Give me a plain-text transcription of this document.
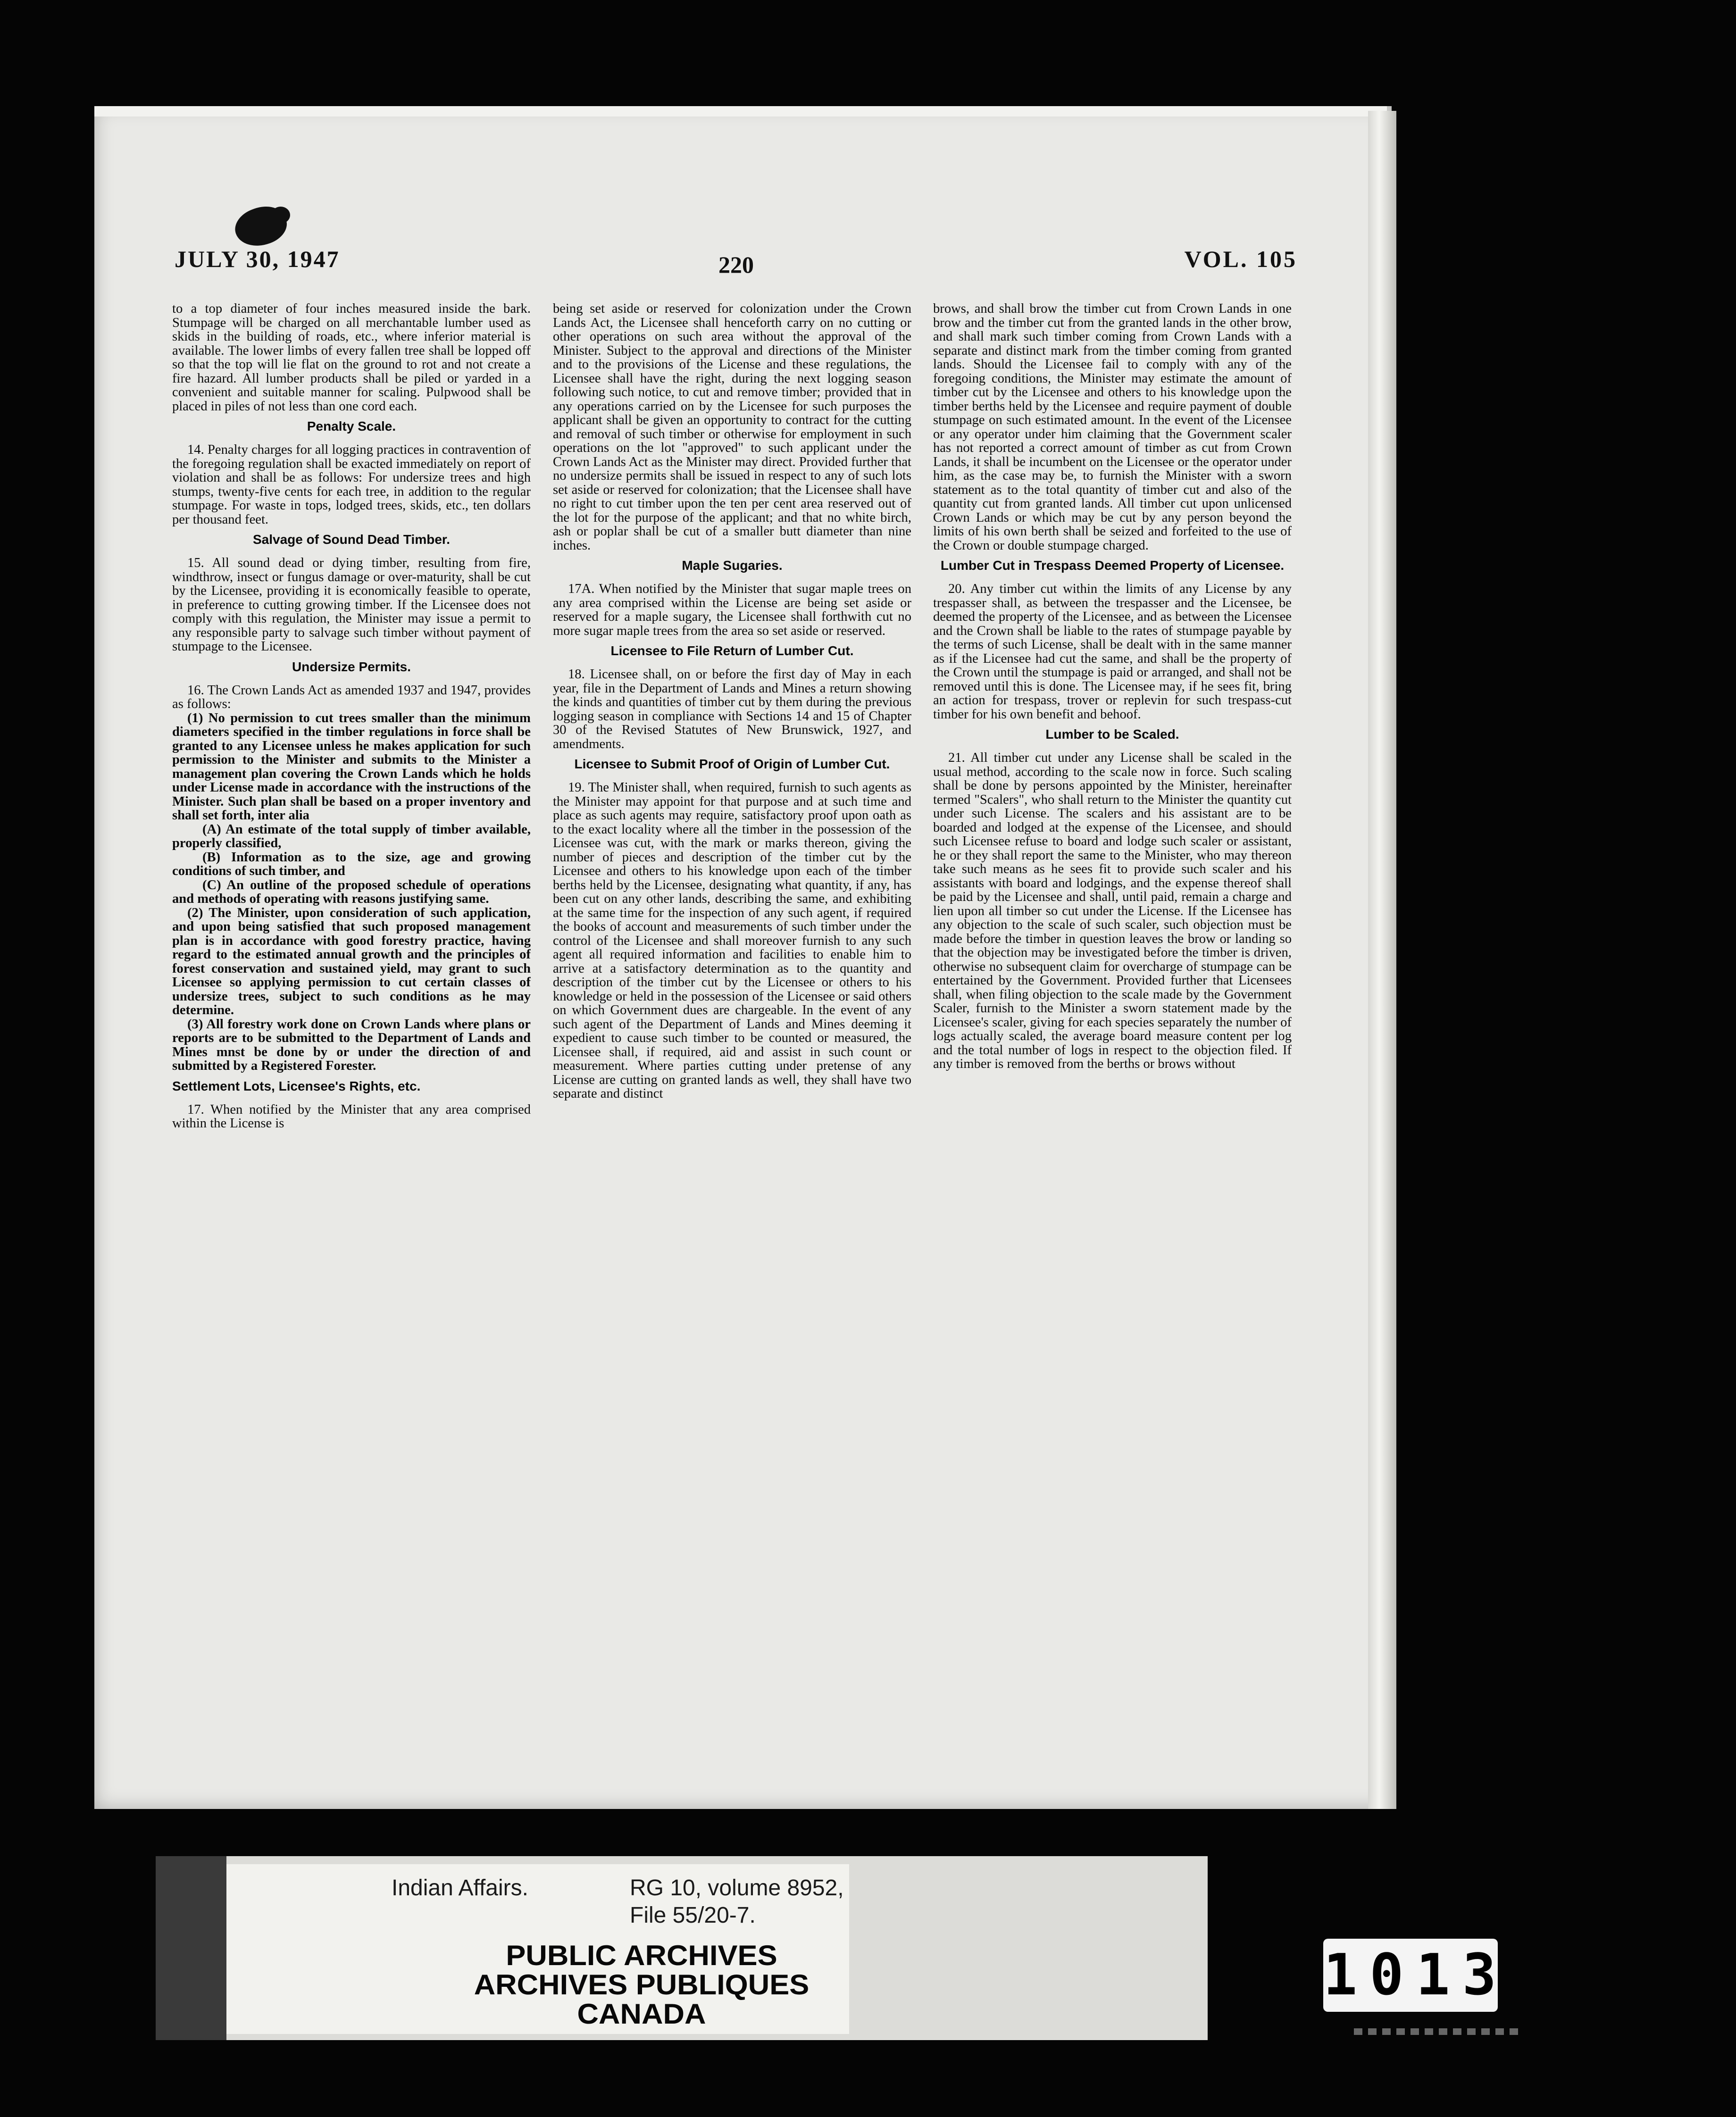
JULY 30, 1947	220	VOL. 105

to a top diameter of four inches measured inside the bark. Stumpage will be charged on all merchantable lumber used as skids in the building of roads, etc., where inferior material is available. The lower limbs of every fallen tree shall be lopped off so that the top will lie flat on the ground to rot and not create a fire hazard. All lumber products shall be piled or yarded in a convenient and suitable manner for scaling. Pulpwood shall be placed in piles of not less than one cord each.

Penalty Scale.

14. Penalty charges for all logging practices in contravention of the foregoing regulation shall be exacted immediately on report of violation and shall be as follows: For undersize trees and high stumps, twenty-five cents for each tree, in addition to the regular stumpage. For waste in tops, lodged trees, skids, etc., ten dollars per thousand feet.

Salvage of Sound Dead Timber.

15. All sound dead or dying timber, resulting from fire, windthrow, insect or fungus damage or over-maturity, shall be cut by the Licensee, providing it is economically feasible to operate, in preference to cutting growing timber. If the Licensee does not comply with this regulation, the Minister may issue a permit to any responsible party to salvage such timber without payment of stumpage to the Licensee.

Undersize Permits.

16. The Crown Lands Act as amended 1937 and 1947, provides as follows:

(1) No permission to cut trees smaller than the minimum diameters specified in the timber regulations in force shall be granted to any Licensee unless he makes application for such permission to the Minister and submits to the Minister a management plan covering the Crown Lands which he holds under License made in accordance with the instructions of the Minister. Such plan shall be based on a proper inventory and shall set forth, inter alia

(A) An estimate of the total supply of timber available, properly classified,

(B) Information as to the size, age and growing conditions of such timber, and

(C) An outline of the proposed schedule of operations and methods of operating with reasons justifying same.

(2) The Minister, upon consideration of such application, and upon being satisfied that such proposed management plan is in accordance with good forestry practice, having regard to the estimated annual growth and the principles of forest conservation and sustained yield, may grant to such Licensee so applying permission to cut certain classes of undersize trees, subject to such conditions as he may determine.

(3) All forestry work done on Crown Lands where plans or reports are to be submitted to the Department of Lands and Mines mnst be done by or under the direction of and submitted by a Registered Forester.

Settlement Lots, Licensee's Rights, etc.

17. When notified by the Minister that any area comprised within the License is

being set aside or reserved for colonization under the Crown Lands Act, the Licensee shall henceforth carry on no cutting or other operations on such area without the approval of the Minister. Subject to the approval and directions of the Minister and to the provisions of the License and these regulations, the Licensee shall have the right, during the next logging season following such notice, to cut and remove timber; provided that in any operations carried on by the Licensee for such purposes the applicant shall be given an opportunity to contract for the cutting and removal of such timber or otherwise for employment in such operations on the lot "approved" to such applicant under the Crown Lands Act as the Minister may direct. Provided further that no undersize permits shall be issued in respect to any of such lots set aside or reserved for colonization; that the Licensee shall have no right to cut timber upon the ten per cent area reserved out of the lot for the purpose of the applicant; and that no white birch, ash or poplar shall be cut of a smaller butt diameter than nine inches.

Maple Sugaries.

17A. When notified by the Minister that sugar maple trees on any area comprised within the License are being set aside or reserved for a maple sugary, the Licensee shall forthwith cut no more sugar maple trees from the area so set aside or reserved.

Licensee to File Return of Lumber Cut.

18. Licensee shall, on or before the first day of May in each year, file in the Department of Lands and Mines a return showing the kinds and quantities of timber cut by them during the previous logging season in compliance with Sections 14 and 15 of Chapter 30 of the Revised Statutes of New Brunswick, 1927, and amendments.

Licensee to Submit Proof of Origin of Lumber Cut.

19. The Minister shall, when required, furnish to such agents as the Minister may appoint for that purpose and at such time and place as such agents may require, satisfactory proof upon oath as to the exact locality where all the timber in the possession of the Licensee was cut, with the mark or marks thereon, giving the number of pieces and description of the timber cut by the Licensee and others to his knowledge upon each of the timber berths held by the Licensee, designating what quantity, if any, has been cut on any other lands, describing the same, and exhibiting at the same time for the inspection of any such agent, if required the books of account and measurements of such timber under the control of the Licensee and shall moreover furnish to any such agent all required information and facilities to enable him to arrive at a satisfactory determination as to the quantity and description of the timber cut by the Licensee or others to his knowledge or held in the possession of the Licensee or said others on which Government dues are chargeable. In the event of any such agent of the Department of Lands and Mines deeming it expedient to cause such timber to be counted or measured, the Licensee shall, if required, aid and assist in such count or measurement. Where parties cutting under pretense of any License are cutting on granted lands as well, they shall have two separate and distinct

brows, and shall brow the timber cut from Crown Lands in one brow and the timber cut from the granted lands in the other brow, and shall mark such timber coming from Crown Lands with a separate and distinct mark from the timber coming from granted lands. Should the Licensee fail to comply with any of the foregoing conditions, the Minister may estimate the amount of timber cut by the Licensee and others to his knowledge upon the timber berths held by the Licensee and require payment of double stumpage on such estimated amount. In the event of the Licensee or any operator under him claiming that the Government scaler has not reported a correct amount of timber as cut from Crown Lands, it shall be incumbent on the Licensee or the operator under him, as the case may be, to furnish the Minister with a sworn statement as to the total quantity of timber cut and also of the quantity cut from granted lands. All timber cut upon unlicensed Crown Lands or which may be cut by any person beyond the limits of his own berth shall be seized and forfeited to the use of the Crown or double stumpage charged.

Lumber Cut in Trespass Deemed Property of Licensee.

20. Any timber cut within the limits of any License by any trespasser shall, as between the trespasser and the Licensee, be deemed the property of the Licensee, and as between the Licensee and the Crown shall be liable to the rates of stumpage payable by the terms of such License, shall be dealt with in the same manner as if the Licensee had cut the same, and shall be the property of the Crown until the stumpage is paid or arranged, and shall not be removed until this is done. The Licensee may, if he sees fit, bring an action for trespass, trover or replevin for such trespass-cut timber for his own benefit and behoof.

Lumber to be Scaled.

21. All timber cut under any License shall be scaled in the usual method, according to the scale now in force. Such scaling shall be done by persons appointed by the Minister, hereinafter termed "Scalers", who shall return to the Minister the quantity cut under such License. The scalers and his assistant are to be boarded and lodged at the expense of the Licensee, and should such Licensee refuse to board and lodge such scaler or assistant, he or they shall report the same to the Minister, who may thereon take such means as he sees fit to provide such scaler and his assistants with board and lodgings, and the expense thereof shall be paid by the Licensee and shall, until paid, remain a charge and lien upon all timber so cut under the License. If the Licensee has any objection to the scale of such scaler, such objection must be made before the timber in question leaves the brow or landing so that the objection may be investigated before the timber is driven, otherwise no subsequent claim for overcharge of stumpage can be entertained by the Government. Provided further that Licensees shall, when filing objection to the scale made by the Government Scaler, furnish to the Minister a sworn statement made by the Licensee's scaler, giving for each species separately the number of logs actually scaled, the average board measure content per log and the total number of logs in respect to the objection filed. If any timber is removed from the berths or brows without

Indian Affairs.	RG 10, volume 8952,
File 55/20-7.
PUBLIC ARCHIVES
ARCHIVES PUBLIQUES
CANADA
1013
